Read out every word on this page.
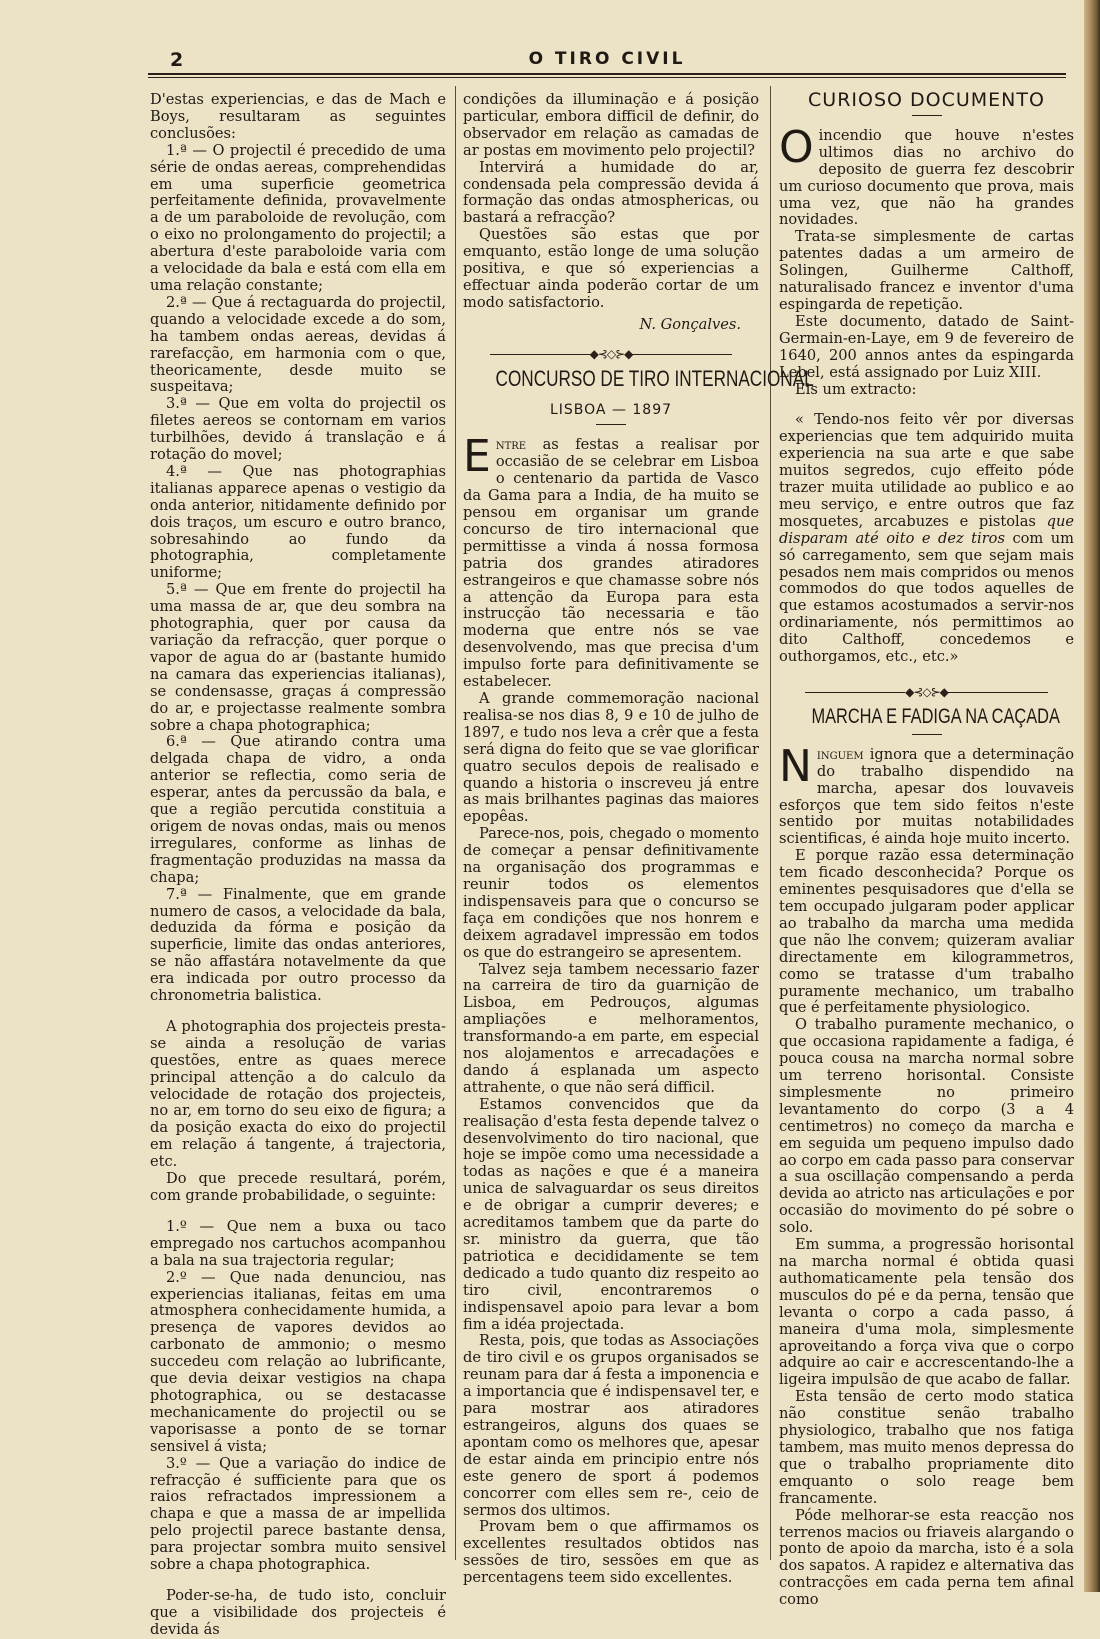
2	O TIRO CIVIL

D'estas experiencias, e das de Mach e Boys, resultaram as seguintes conclusões:

1.ª — O projectil é precedido de uma série de ondas aereas, comprehendidas em uma superficie geometrica perfeitamente definida, provavelmente a de um paraboloide de revolução, com o eixo no prolongamento do projectil; a abertura d'este paraboloide varia com a velocidade da bala e está com ella em uma relação constante;

2.ª — Que á rectaguarda do projectil, quando a velocidade excede a do som, ha tambem ondas aereas, devidas á rarefacção, em harmonia com o que, theoricamente, desde muito se suspeitava;

3.ª — Que em volta do projectil os filetes aereos se contornam em varios turbilhões, devido á translação e á rotação do movel;

4.ª — Que nas photographias italianas apparece apenas o vestigio da onda anterior, nitidamente definido por dois traços, um escuro e outro branco, sobresahindo ao fundo da photographia, completamente uniforme;

5.ª — Que em frente do projectil ha uma massa de ar, que deu sombra na photographia, quer por causa da variação da refracção, quer porque o vapor de agua do ar (bastante humido na camara das experiencias italianas), se condensasse, graças á compressão do ar, e projectasse realmente sombra sobre a chapa photographica;

6.ª — Que atirando contra uma delgada chapa de vidro, a onda anterior se reflectia, como seria de esperar, antes da percussão da bala, e que a região percutida constituia a origem de novas ondas, mais ou menos irregulares, conforme as linhas de fragmentação produzidas na massa da chapa;

7.ª — Finalmente, que em grande numero de casos, a velocidade da bala, deduzida da fórma e posição da superficie, limite das ondas anteriores, se não affastára notavelmente da que era indicada por outro processo da chronometria balistica.

A photographia dos projecteis presta-se ainda a resolução de varias questões, entre as quaes merece principal attenção a do calculo da velocidade de rotação dos projecteis, no ar, em torno do seu eixo de figura; a da posição exacta do eixo do projectil em relação á tangente, á trajectoria, etc.

Do que precede resultará, porém, com grande probabilidade, o seguinte:

1.º — Que nem a buxa ou taco empregado nos cartuchos acompanhou a bala na sua trajectoria regular;

2.º — Que nada denunciou, nas experiencias italianas, feitas em uma atmosphera conhecidamente humida, a presença de vapores devidos ao carbonato de ammonio; o mesmo succedeu com relação ao lubrificante, que devia deixar vestigios na chapa photographica, ou se destacasse mechanicamente do projectil ou se vaporisasse a ponto de se tornar sensivel á vista;

3.º — Que a variação do indice de refracção é sufficiente para que os raios refractados impressionem a chapa e que a massa de ar impellida pelo projectil parece bastante densa, para projectar sombra muito sensivel sobre a chapa photographica.

Poder-se-ha, de tudo isto, concluir que a visibilidade dos projecteis é devida ás

condições da illuminação e á posição particular, embora difficil de definir, do observador em relação as camadas de ar postas em movimento pelo projectil?

Intervirá a humidade do ar, condensada pela compressão devida á formação das ondas atmosphericas, ou bastará a refracção?

Questões são estas que por emquanto, estão longe de uma solução positiva, e que só experiencias a effectuar ainda poderão cortar de um modo satisfactorio.

N. Gonçalves.
◆⊰◇⊱◆
CONCURSO DE TIRO INTERNACIONAL
LISBOA — 1897

Entre as festas a realisar por occasião de se celebrar em Lisboa o centenario da partida de Vasco da Gama para a India, de ha muito se pensou em organisar um grande concurso de tiro internacional que permittisse a vinda á nossa formosa patria dos grandes atiradores estrangeiros e que chamasse sobre nós a attenção da Europa para esta instrucção tão necessaria e tão moderna que entre nós se vae desenvolvendo, mas que precisa d'um impulso forte para definitivamente se estabelecer.

A grande commemoração nacional realisa-se nos dias 8, 9 e 10 de julho de 1897, e tudo nos leva a crêr que a festa será digna do feito que se vae glorificar quatro seculos depois de realisado e quando a historia o inscreveu já entre as mais brilhantes paginas das maiores epopêas.

Parece-nos, pois, chegado o momento de começar a pensar definitivamente na organisação dos programmas e reunir todos os elementos indispensaveis para que o concurso se faça em condições que nos honrem e deixem agradavel impressão em todos os que do estrangeiro se apresentem.

Talvez seja tambem necessario fazer na carreira de tiro da guarnição de Lisboa, em Pedrouços, algumas ampliações e melhoramentos, transformando-a em parte, em especial nos alojamentos e arrecadações e dando á esplanada um aspecto attrahente, o que não será difficil.

Estamos convencidos que da realisação d'esta festa depende talvez o desenvolvimento do tiro nacional, que hoje se impõe como uma necessidade a todas as nações e que é a maneira unica de salvaguardar os seus direitos e de obrigar a cumprir deveres; e acreditamos tambem que da parte do sr. ministro da guerra, que tão patriotica e decididamente se tem dedicado a tudo quanto diz respeito ao tiro civil, encontraremos o indispensavel apoio para levar a bom fim a idéa projectada.

Resta, pois, que todas as Associações de tiro civil e os grupos organisados se reunam para dar á festa a imponencia e a importancia que é indispensavel ter, e para mostrar aos atiradores estrangeiros, alguns dos quaes se apontam como os melhores que, apesar de estar ainda em principio entre nós este genero de sport á podemos concorrer com elles sem re-, ceio de sermos dos ultimos.

Provam bem o que affirmamos os excellentes resultados obtidos nas sessões de tiro, sessões em que as percentagens teem sido excellentes.

CURIOSO DOCUMENTO

Oincendio que houve n'estes ultimos dias no archivo do deposito de guerra fez descobrir um curioso documento que prova, mais uma vez, que não ha grandes novidades.

Trata-se simplesmente de cartas patentes dadas a um armeiro de Solingen, Guilherme Calthoff, naturalisado francez e inventor d'uma espingarda de repetição.

Este documento, datado de Saint-Germain-en-Laye, em 9 de fevereiro de 1640, 200 annos antes da espingarda Lebel, está assignado por Luiz XIII.

Eis um extracto:

« Tendo-nos feito vêr por diversas experiencias que tem adquirido muita experiencia na sua arte e que sabe muitos segredos, cujo effeito póde trazer muita utilidade ao publico e ao meu serviço, e entre outros que faz mosquetes, arcabuzes e pistolas que disparam até oito e dez tiros com um só carregamento, sem que sejam mais pesados nem mais compridos ou menos commodos do que todos aquelles de que estamos acostumados a servir-nos ordinariamente, nós permittimos ao dito Calthoff, concedemos e outhorgamos, etc., etc.»

◆⊰◇⊱◆
MARCHA E FADIGA NA CAÇADA

Ninguem ignora que a determinação do trabalho dispendido na marcha, apesar dos louvaveis esforços que tem sido feitos n'este sentido por muitas notabilidades scientificas, é ainda hoje muito incerto.

E porque razão essa determinação tem ficado desconhecida? Porque os eminentes pesquisadores que d'ella se tem occupado julgaram poder applicar ao trabalho da marcha uma medida que não lhe convem; quizeram avaliar directamente em kilogrammetros, como se tratasse d'um trabalho puramente mechanico, um trabalho que é perfeitamente physiologico.

O trabalho puramente mechanico, o que occasiona rapidamente a fadiga, é pouca cousa na marcha normal sobre um terreno horisontal. Consiste simplesmente no primeiro levantamento do corpo (3 a 4 centimetros) no começo da marcha e em seguida um pequeno impulso dado ao corpo em cada passo para conservar a sua oscillação compensando a perda devida ao atricto nas articulações e por occasião do movimento do pé sobre o solo.

Em summa, a progressão horisontal na marcha normal é obtida quasi authomaticamente pela tensão dos musculos do pé e da perna, tensão que levanta o corpo a cada passo, á maneira d'uma mola, simplesmente aproveitando a força viva que o corpo adquire ao cair e accrescentando-lhe a ligeira impulsão de que acabo de fallar.

Esta tensão de certo modo statica não constitue senão trabalho physiologico, trabalho que nos fatiga tambem, mas muito menos depressa do que o trabalho propriamente dito emquanto o solo reage bem francamente.

Póde melhorar-se esta reacção nos terrenos macios ou friaveis alargando o ponto de apoio da marcha, isto é a sola dos sapatos. A rapidez e alternativa das contracções em cada perna tem afinal como
